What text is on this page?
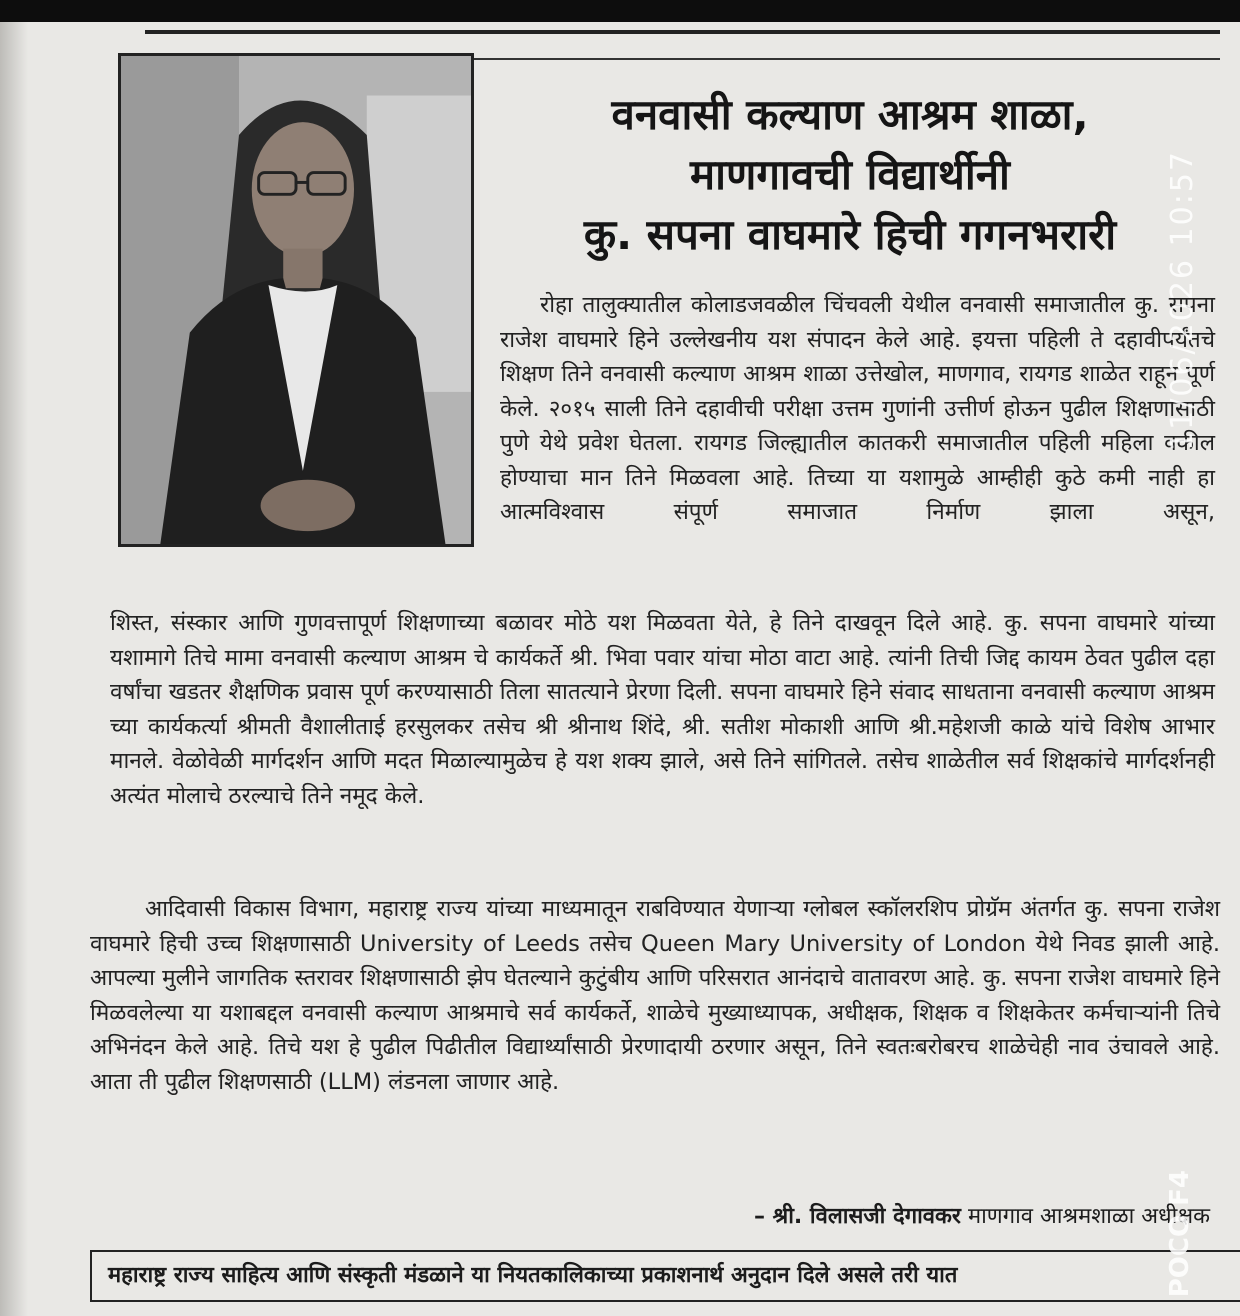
वनवासी कल्याण आश्रम शाळा,
माणगावची विद्यार्थीनी
कु. सपना वाघमारे हिची गगनभरारी
रोहा तालुक्यातील कोलाडजवळील चिंचवली येथील वनवासी समाजातील कु. सपना राजेश वाघमारे हिने उल्लेखनीय यश संपादन केले आहे. इयत्ता पहिली ते दहावीपर्यंतचे शिक्षण तिने वनवासी कल्याण आश्रम शाळा उत्तेखोल, माणगाव, रायगड शाळेत राहून पूर्ण केले. २०१५ साली तिने दहावीची परीक्षा उत्तम गुणांनी उत्तीर्ण होऊन पुढील शिक्षणासाठी पुणे येथे प्रवेश घेतला. रायगड जिल्ह्यातील कातकरी समाजातील पहिली महिला वकील होण्याचा मान तिने मिळवला आहे. तिच्या या यशामुळे आम्हीही कुठे कमी नाही हा आत्मविश्वास संपूर्ण समाजात निर्माण झाला असून,
शिस्त, संस्कार आणि गुणवत्तापूर्ण शिक्षणाच्या बळावर मोठे यश मिळवता येते, हे तिने दाखवून दिले आहे. कु. सपना वाघमारे यांच्या यशामागे तिचे मामा वनवासी कल्याण आश्रम चे कार्यकर्ते श्री. भिवा पवार यांचा मोठा वाटा आहे. त्यांनी तिची जिद्द कायम ठेवत पुढील दहा वर्षांचा खडतर शैक्षणिक प्रवास पूर्ण करण्यासाठी तिला सातत्याने प्रेरणा दिली. सपना वाघमारे हिने संवाद साधताना वनवासी कल्याण आश्रम च्या कार्यकर्त्या श्रीमती वैशालीताई हरसुलकर तसेच श्री श्रीनाथ शिंदे, श्री. सतीश मोकाशी आणि श्री.महेशजी काळे यांचे विशेष आभार मानले. वेळोवेळी मार्गदर्शन आणि मदत मिळाल्यामुळेच हे यश शक्य झाले, असे तिने सांगितले. तसेच शाळेतील सर्व शिक्षकांचे मार्गदर्शनही अत्यंत मोलाचे ठरल्याचे तिने नमूद केले.
आदिवासी विकास विभाग, महाराष्ट्र राज्य यांच्या माध्यमातून राबविण्यात येणाऱ्या ग्लोबल स्कॉलरशिप प्रोग्रॅम अंतर्गत कु. सपना राजेश वाघमारे हिची उच्च शिक्षणासाठी University of Leeds तसेच Queen Mary University of London येथे निवड झाली आहे. आपल्या मुलीने जागतिक स्तरावर शिक्षणासाठी झेप घेतल्याने कुटुंबीय आणि परिसरात आनंदाचे वातावरण आहे. कु. सपना राजेश वाघमारे हिने मिळवलेल्या या यशाबद्दल वनवासी कल्याण आश्रमाचे सर्व कार्यकर्ते, शाळेचे मुख्याध्यापक, अधीक्षक, शिक्षक व शिक्षकेतर कर्मचाऱ्यांनी तिचे अभिनंदन केले आहे. तिचे यश हे पुढील पिढीतील विद्यार्थ्यांसाठी प्रेरणादायी ठरणार असून, तिने स्वतःबरोबरच शाळेचेही नाव उंचावले आहे. आता ती पुढील शिक्षणसाठी (LLM) लंडनला जाणार आहे.
– श्री. विलासजी देगावकर माणगाव आश्रमशाळा अधीक्षक
महाराष्ट्र राज्य साहित्य आणि संस्कृती मंडळाने या नियतकालिकाच्या प्रकाशनार्थ अनुदान दिले असले तरी यात
11/06/2026 10:57
POCO F4
